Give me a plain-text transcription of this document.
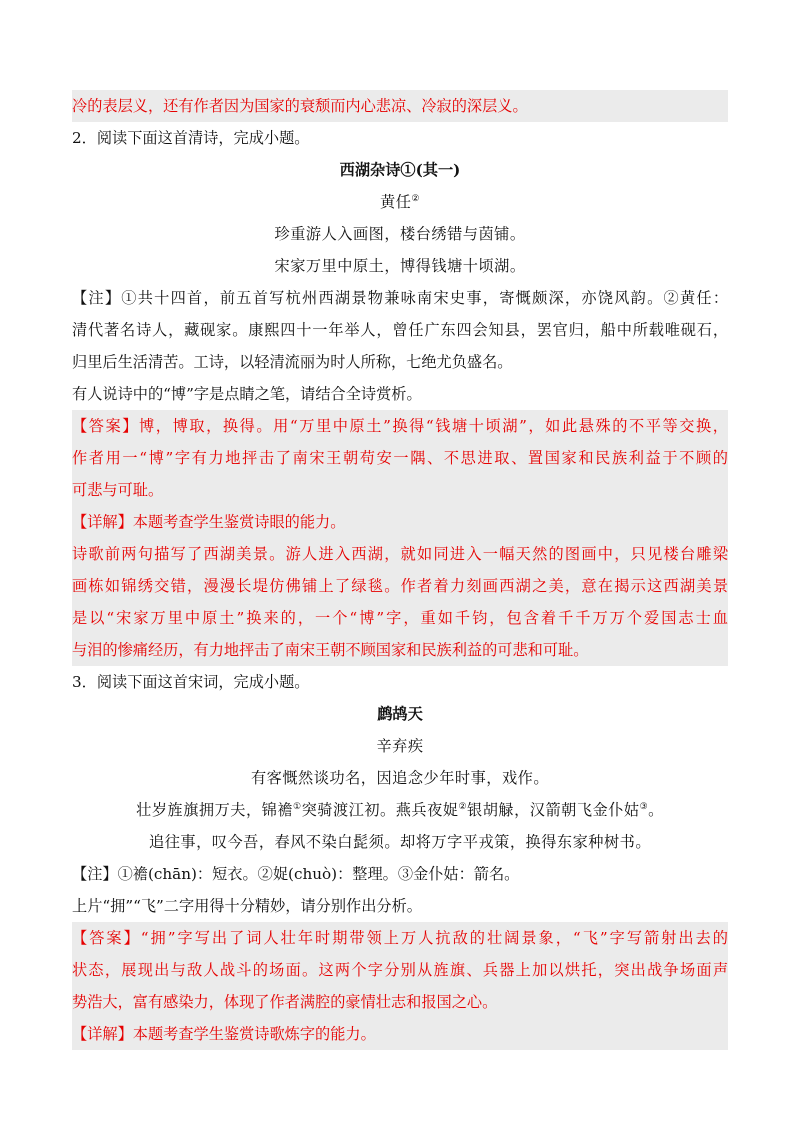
冷的表层义，还有作者因为国家的衰颓而内心悲凉、冷寂的深层义。
2．阅读下面这首清诗，完成小题。
西湖杂诗①(其一)
黄任②
珍重游人入画图，楼台绣错与茵铺。
宋家万里中原土，博得钱塘十顷湖。
【注】①共十四首，前五首写杭州西湖景物兼咏南宋史事，寄慨颇深，亦饶风韵。②黄任：
清代著名诗人，藏砚家。康熙四十一年举人，曾任广东四会知县，罢官归，船中所载唯砚石，
归里后生活清苦。工诗，以轻清流丽为时人所称，七绝尤负盛名。
有人说诗中的“博”字是点睛之笔，请结合全诗赏析。
【答案】博，博取，换得。用“万里中原土”换得“钱塘十顷湖”，如此悬殊的不平等交换，
作者用一“博”字有力地抨击了南宋王朝苟安一隅、不思进取、置国家和民族利益于不顾的
可悲与可耻。
【详解】本题考查学生鉴赏诗眼的能力。
诗歌前两句描写了西湖美景。游人进入西湖，就如同进入一幅天然的图画中，只见楼台雕梁
画栋如锦绣交错，漫漫长堤仿佛铺上了绿毯。作者着力刻画西湖之美，意在揭示这西湖美景
是以“宋家万里中原土”换来的，一个“博”字，重如千钧，包含着千千万万个爱国志士血
与泪的惨痛经历，有力地抨击了南宋王朝不顾国家和民族利益的可悲和可耻。
3．阅读下面这首宋词，完成小题。
鹧鸪天
辛弃疾
有客慨然谈功名，因追念少年时事，戏作。
壮岁旌旗拥万夫，锦襜①突骑渡江初。燕兵夜娖②银胡觮，汉箭朝飞金仆姑③。
追往事，叹今吾，春风不染白髭须。却将万字平戎策，换得东家种树书。
【注】①襜(chān)：短衣。②娖(chuò)：整理。③金仆姑：箭名。
上片“拥”“飞”二字用得十分精妙，请分别作出分析。
【答案】“拥”字写出了词人壮年时期带领上万人抗敌的壮阔景象，“飞”字写箭射出去的
状态，展现出与敌人战斗的场面。这两个字分别从旌旗、兵器上加以烘托，突出战争场面声
势浩大，富有感染力，体现了作者满腔的豪情壮志和报国之心。
【详解】本题考查学生鉴赏诗歌炼字的能力。
